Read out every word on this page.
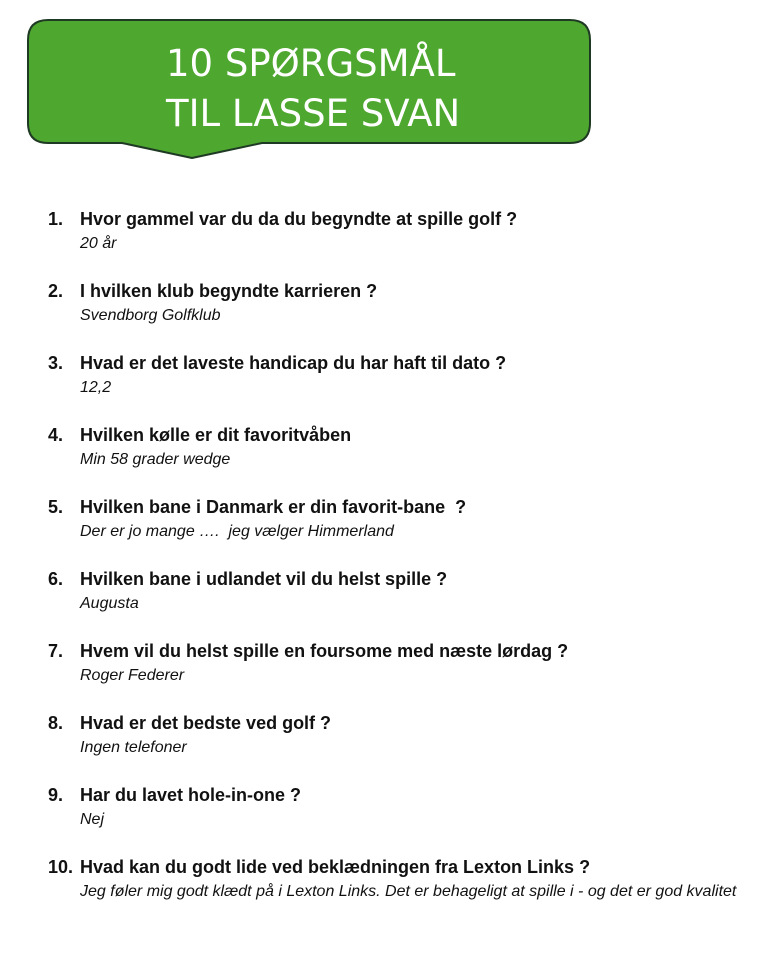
10 SPØRGSMÅL
TIL LASSE SVAN
1. Hvor gammel var du da du begyndte at spille golf ?
20 år
2. I hvilken klub begyndte karrieren ?
Svendborg Golfklub
3. Hvad er det laveste handicap du har haft til dato ?
12,2
4. Hvilken kølle er dit favoritvåben
Min 58 grader wedge
5. Hvilken bane i Danmark er din favorit-bane  ?
Der er jo mange ….  jeg vælger Himmerland
6. Hvilken bane i udlandet vil du helst spille ?
Augusta
7. Hvem vil du helst spille en foursome med næste lørdag ?
Roger Federer
8. Hvad er det bedste ved golf ?
Ingen telefoner
9. Har du lavet hole-in-one ?
Nej
10. Hvad kan du godt lide ved beklædningen fra Lexton Links ?
Jeg føler mig godt klædt på i Lexton Links. Det er behageligt at spille i - og det er god kvalitet
